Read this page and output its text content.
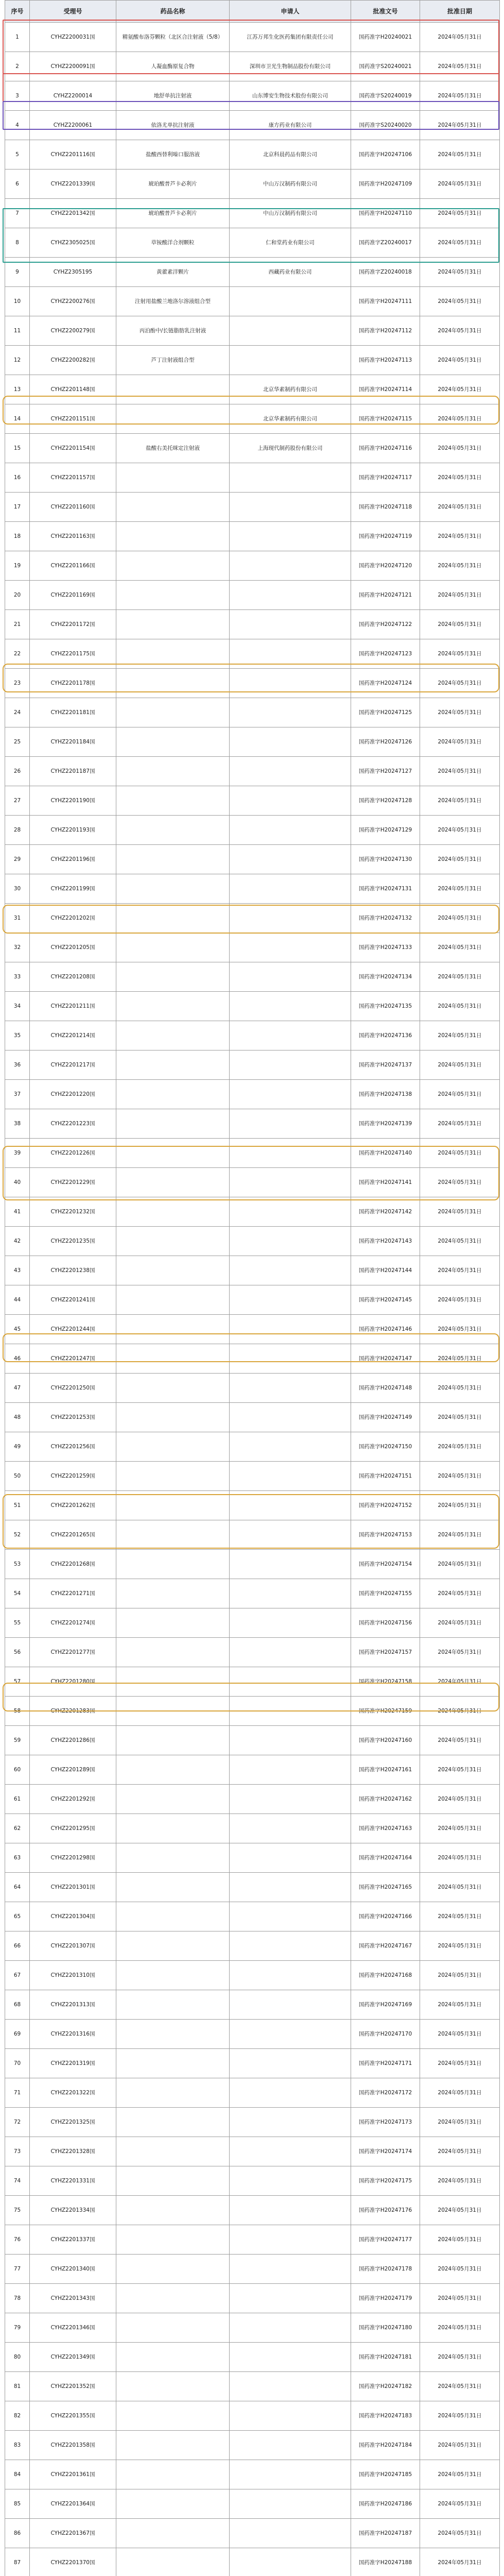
序号	受理号	药品名称	申请人	批准文号	批准日期
1	CYHZ2200031国	精氨酸布洛芬颗粒（北区合注射液（5/8）	江苏万邦生化医药集团有限责任公司	国药准字H20240021	2024年05月31日
2	CYHZ2200091国	人凝血酶原复合物	深圳市卫光生物制品股份有限公司	国药准字S20240021	2024年05月31日
3	CYHZ2200014	地舒单抗注射液	山东博安生物技术股份有限公司	国药准字S20240019	2024年05月31日
4	CYHZ2200061	依洛尤单抗注射液	康方药业有限公司	国药准字S20240020	2024年05月31日
5	CYHZ2201116国	盐酸西替利嗪口服溶液	北京科晨药品有限公司	国药准字H20247106	2024年05月31日
6	CYHZ2201339国	琥珀酸普芦卡必利片	中山万汉制药有限公司	国药准字H20247109	2024年05月31日
7	CYHZ2201342国	琥珀酸普芦卡必利片	中山万汉制药有限公司	国药准字H20247110	2024年05月31日
8	CYHZ2305025国	草铵酸洋合剂颗粒	仁和堂药业有限公司	国药准字Z20240017	2024年05月31日
9	CYHZ2305195	黄藿素洋颗片	西藏药业有限公司	国药准字Z20240018	2024年05月31日
10	CYHZ2200276国	注射用盐酸兰地洛尔溶液组合型		国药准字H20247111	2024年05月31日
11	CYHZ2200279国	丙泊酚中/长链脂肪乳注射液		国药准字H20247112	2024年05月31日
12	CYHZ2200282国	芦丁注射液组合型		国药准字H20247113	2024年05月31日
13	CYHZ2201148国		北京华素制药有限公司	国药准字H20247114	2024年05月31日
14	CYHZ2201151国		北京华素制药有限公司	国药准字H20247115	2024年05月31日
15	CYHZ2201154国	盐酸右美托咪定注射液	上海现代制药股份有限公司	国药准字H20247116	2024年05月31日
16	CYHZ2201157国			国药准字H20247117	2024年05月31日
17	CYHZ2201160国			国药准字H20247118	2024年05月31日
18	CYHZ2201163国			国药准字H20247119	2024年05月31日
19	CYHZ2201166国			国药准字H20247120	2024年05月31日
20	CYHZ2201169国			国药准字H20247121	2024年05月31日
21	CYHZ2201172国			国药准字H20247122	2024年05月31日
22	CYHZ2201175国			国药准字H20247123	2024年05月31日
23	CYHZ2201178国			国药准字H20247124	2024年05月31日
24	CYHZ2201181国			国药准字H20247125	2024年05月31日
25	CYHZ2201184国			国药准字H20247126	2024年05月31日
26	CYHZ2201187国			国药准字H20247127	2024年05月31日
27	CYHZ2201190国			国药准字H20247128	2024年05月31日
28	CYHZ2201193国			国药准字H20247129	2024年05月31日
29	CYHZ2201196国			国药准字H20247130	2024年05月31日
30	CYHZ2201199国			国药准字H20247131	2024年05月31日
31	CYHZ2201202国			国药准字H20247132	2024年05月31日
32	CYHZ2201205国			国药准字H20247133	2024年05月31日
33	CYHZ2201208国			国药准字H20247134	2024年05月31日
34	CYHZ2201211国			国药准字H20247135	2024年05月31日
35	CYHZ2201214国			国药准字H20247136	2024年05月31日
36	CYHZ2201217国			国药准字H20247137	2024年05月31日
37	CYHZ2201220国			国药准字H20247138	2024年05月31日
38	CYHZ2201223国			国药准字H20247139	2024年05月31日
39	CYHZ2201226国			国药准字H20247140	2024年05月31日
40	CYHZ2201229国			国药准字H20247141	2024年05月31日
41	CYHZ2201232国			国药准字H20247142	2024年05月31日
42	CYHZ2201235国			国药准字H20247143	2024年05月31日
43	CYHZ2201238国			国药准字H20247144	2024年05月31日
44	CYHZ2201241国			国药准字H20247145	2024年05月31日
45	CYHZ2201244国			国药准字H20247146	2024年05月31日
46	CYHZ2201247国			国药准字H20247147	2024年05月31日
47	CYHZ2201250国			国药准字H20247148	2024年05月31日
48	CYHZ2201253国			国药准字H20247149	2024年05月31日
49	CYHZ2201256国			国药准字H20247150	2024年05月31日
50	CYHZ2201259国			国药准字H20247151	2024年05月31日
51	CYHZ2201262国			国药准字H20247152	2024年05月31日
52	CYHZ2201265国			国药准字H20247153	2024年05月31日
53	CYHZ2201268国			国药准字H20247154	2024年05月31日
54	CYHZ2201271国			国药准字H20247155	2024年05月31日
55	CYHZ2201274国			国药准字H20247156	2024年05月31日
56	CYHZ2201277国			国药准字H20247157	2024年05月31日
57	CYHZ2201280国			国药准字H20247158	2024年05月31日
58	CYHZ2201283国			国药准字H20247159	2024年05月31日
59	CYHZ2201286国			国药准字H20247160	2024年05月31日
60	CYHZ2201289国			国药准字H20247161	2024年05月31日
61	CYHZ2201292国			国药准字H20247162	2024年05月31日
62	CYHZ2201295国			国药准字H20247163	2024年05月31日
63	CYHZ2201298国			国药准字H20247164	2024年05月31日
64	CYHZ2201301国			国药准字H20247165	2024年05月31日
65	CYHZ2201304国			国药准字H20247166	2024年05月31日
66	CYHZ2201307国			国药准字H20247167	2024年05月31日
67	CYHZ2201310国			国药准字H20247168	2024年05月31日
68	CYHZ2201313国			国药准字H20247169	2024年05月31日
69	CYHZ2201316国			国药准字H20247170	2024年05月31日
70	CYHZ2201319国			国药准字H20247171	2024年05月31日
71	CYHZ2201322国			国药准字H20247172	2024年05月31日
72	CYHZ2201325国			国药准字H20247173	2024年05月31日
73	CYHZ2201328国			国药准字H20247174	2024年05月31日
74	CYHZ2201331国			国药准字H20247175	2024年05月31日
75	CYHZ2201334国			国药准字H20247176	2024年05月31日
76	CYHZ2201337国			国药准字H20247177	2024年05月31日
77	CYHZ2201340国			国药准字H20247178	2024年05月31日
78	CYHZ2201343国			国药准字H20247179	2024年05月31日
79	CYHZ2201346国			国药准字H20247180	2024年05月31日
80	CYHZ2201349国			国药准字H20247181	2024年05月31日
81	CYHZ2201352国			国药准字H20247182	2024年05月31日
82	CYHZ2201355国			国药准字H20247183	2024年05月31日
83	CYHZ2201358国			国药准字H20247184	2024年05月31日
84	CYHZ2201361国			国药准字H20247185	2024年05月31日
85	CYHZ2201364国			国药准字H20247186	2024年05月31日
86	CYHZ2201367国			国药准字H20247187	2024年05月31日
87	CYHZ2201370国			国药准字H20247188	2024年05月31日
